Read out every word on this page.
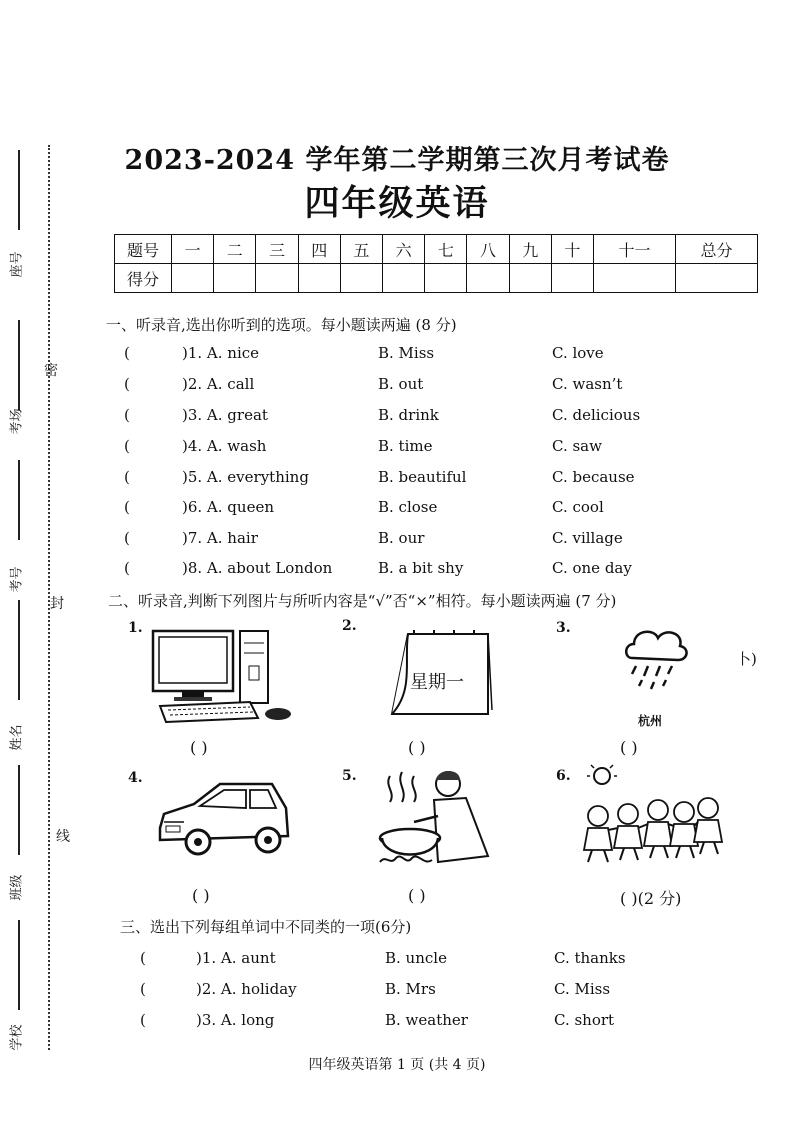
座号
考场
考号
姓名
班级
学校
密
封
线
2023-2024 学年第二学期第三次月考试卷
四年级英语
题号	一	二	三	四	五	六	七	八	九	十	十一	总分
得分												
一、听录音,选出你听到的选项。每小题读两遍 (8 分)
(	)1. A. nice	B. Miss	C. love
(	)2. A. call	B. out	C. wasn’t
(	)3. A. great	B. drink	C. delicious
(	)4. A. wash	B. time	C. saw
(	)5. A. everything	B. beautiful	C. because
(	)6. A. queen	B. close	C. cool
(	)7. A. hair	B. our	C. village
(	)8. A. about London	B. a bit shy	C. one day
二、听录音,判断下列图片与所听内容是“√”否“×”相符。每小题读两遍 (7 分)
卜)
1.
( )
2.
星期一
( )
3.
杭州
( )
4.
( )
5.
( )
6.
( )(2 分)
三、选出下列每组单词中不同类的一项(6分)
(	)1. A. aunt	B. uncle	C. thanks
(	)2. A. holiday	B. Mrs	C. Miss
(	)3. A. long	B. weather	C. short
四年级英语第 1 页 (共 4 页)
